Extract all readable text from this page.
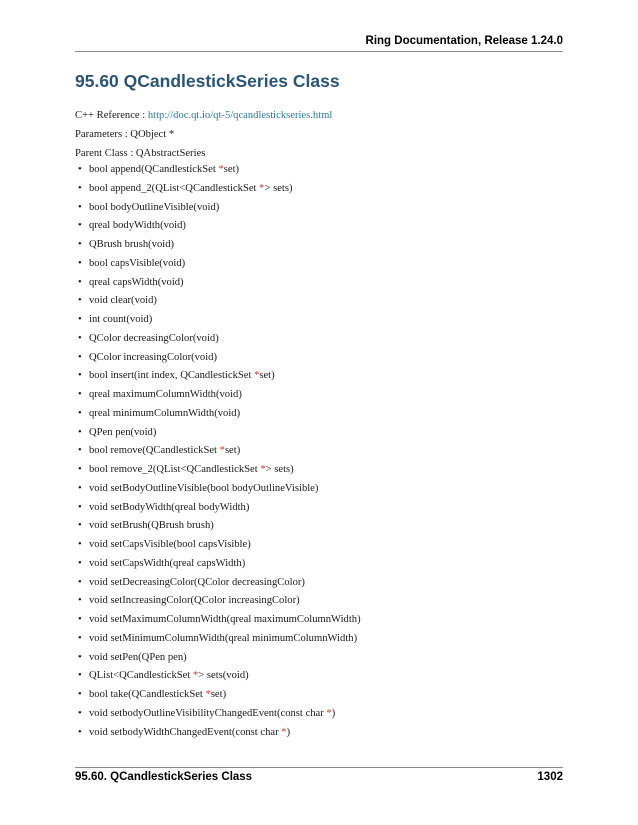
Ring Documentation, Release 1.24.0
95.60 QCandlestickSeries Class
C++ Reference : http://doc.qt.io/qt-5/qcandlestickseries.html
Parameters : QObject *
Parent Class : QAbstractSeries
• bool append(QCandlestickSet *set)
• bool append_2(QList<QCandlestickSet *> sets)
• bool bodyOutlineVisible(void)
• qreal bodyWidth(void)
• QBrush brush(void)
• bool capsVisible(void)
• qreal capsWidth(void)
• void clear(void)
• int count(void)
• QColor decreasingColor(void)
• QColor increasingColor(void)
• bool insert(int index, QCandlestickSet *set)
• qreal maximumColumnWidth(void)
• qreal minimumColumnWidth(void)
• QPen pen(void)
• bool remove(QCandlestickSet *set)
• bool remove_2(QList<QCandlestickSet *> sets)
• void setBodyOutlineVisible(bool bodyOutlineVisible)
• void setBodyWidth(qreal bodyWidth)
• void setBrush(QBrush brush)
• void setCapsVisible(bool capsVisible)
• void setCapsWidth(qreal capsWidth)
• void setDecreasingColor(QColor decreasingColor)
• void setIncreasingColor(QColor increasingColor)
• void setMaximumColumnWidth(qreal maximumColumnWidth)
• void setMinimumColumnWidth(qreal minimumColumnWidth)
• void setPen(QPen pen)
• QList<QCandlestickSet *> sets(void)
• bool take(QCandlestickSet *set)
• void setbodyOutlineVisibilityChangedEvent(const char *)
• void setbodyWidthChangedEvent(const char *)
95.60. QCandlestickSeries Class	1302
